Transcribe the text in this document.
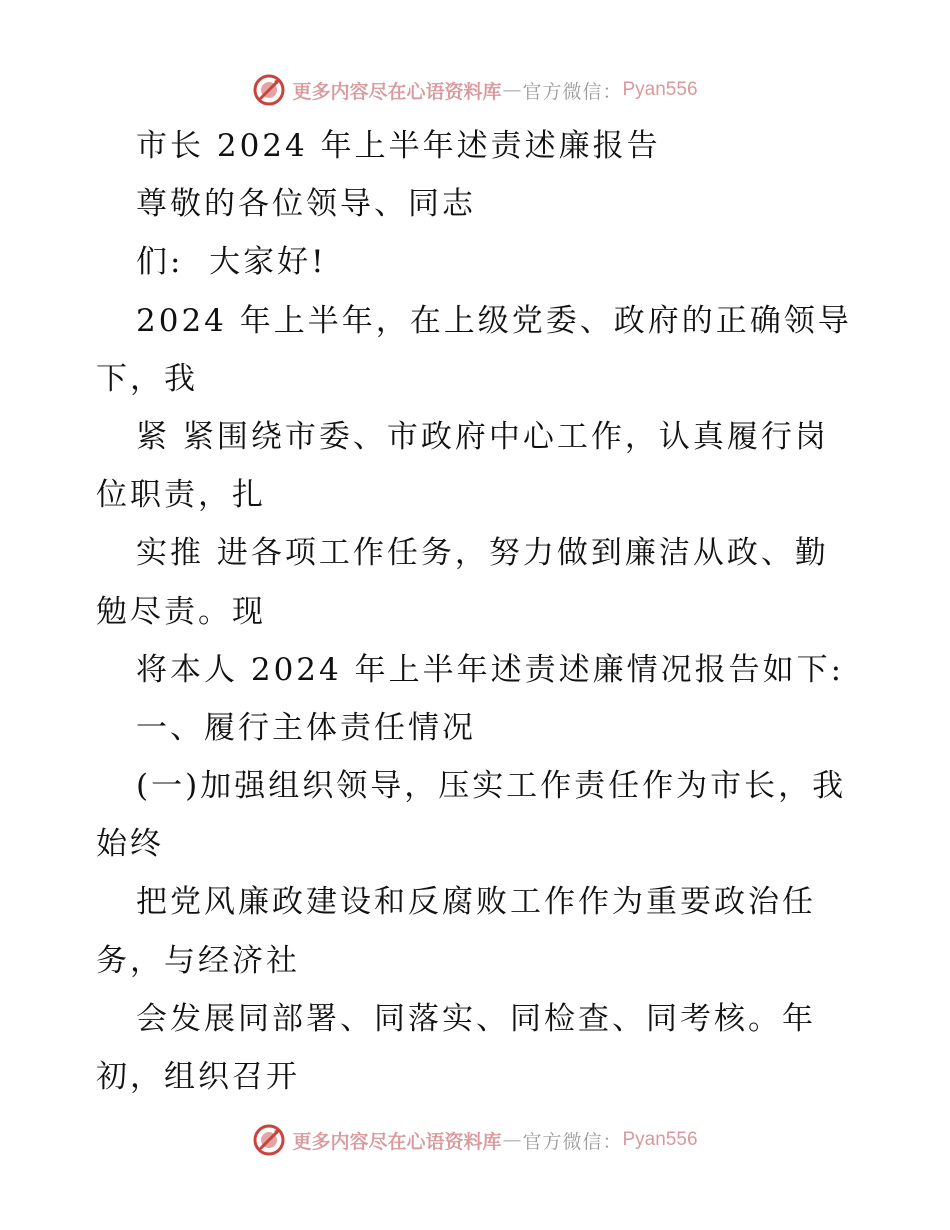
更多内容尽在心语资料库 — 官方微信： Pyan556
市长 2024 年上半年述责述廉报告
尊敬的各位领导、同志
们:  大家好!
2024 年上半年，在上级党委、政府的正确领导
下，我
紧 紧围绕市委、市政府中心工作，认真履行岗
位职责，扎
实推 进各项工作任务，努力做到廉洁从政、勤
勉尽责。现
将本人 2024 年上半年述责述廉情况报告如下:
一、履行主体责任情况
(一)加强组织领导，压实工作责任作为市长，我
始终
把党风廉政建设和反腐败工作作为重要政治任
务，与经济社
会发展同部署、同落实、同检查、同考核。年
初，组织召开
更多内容尽在心语资料库 — 官方微信： Pyan556
